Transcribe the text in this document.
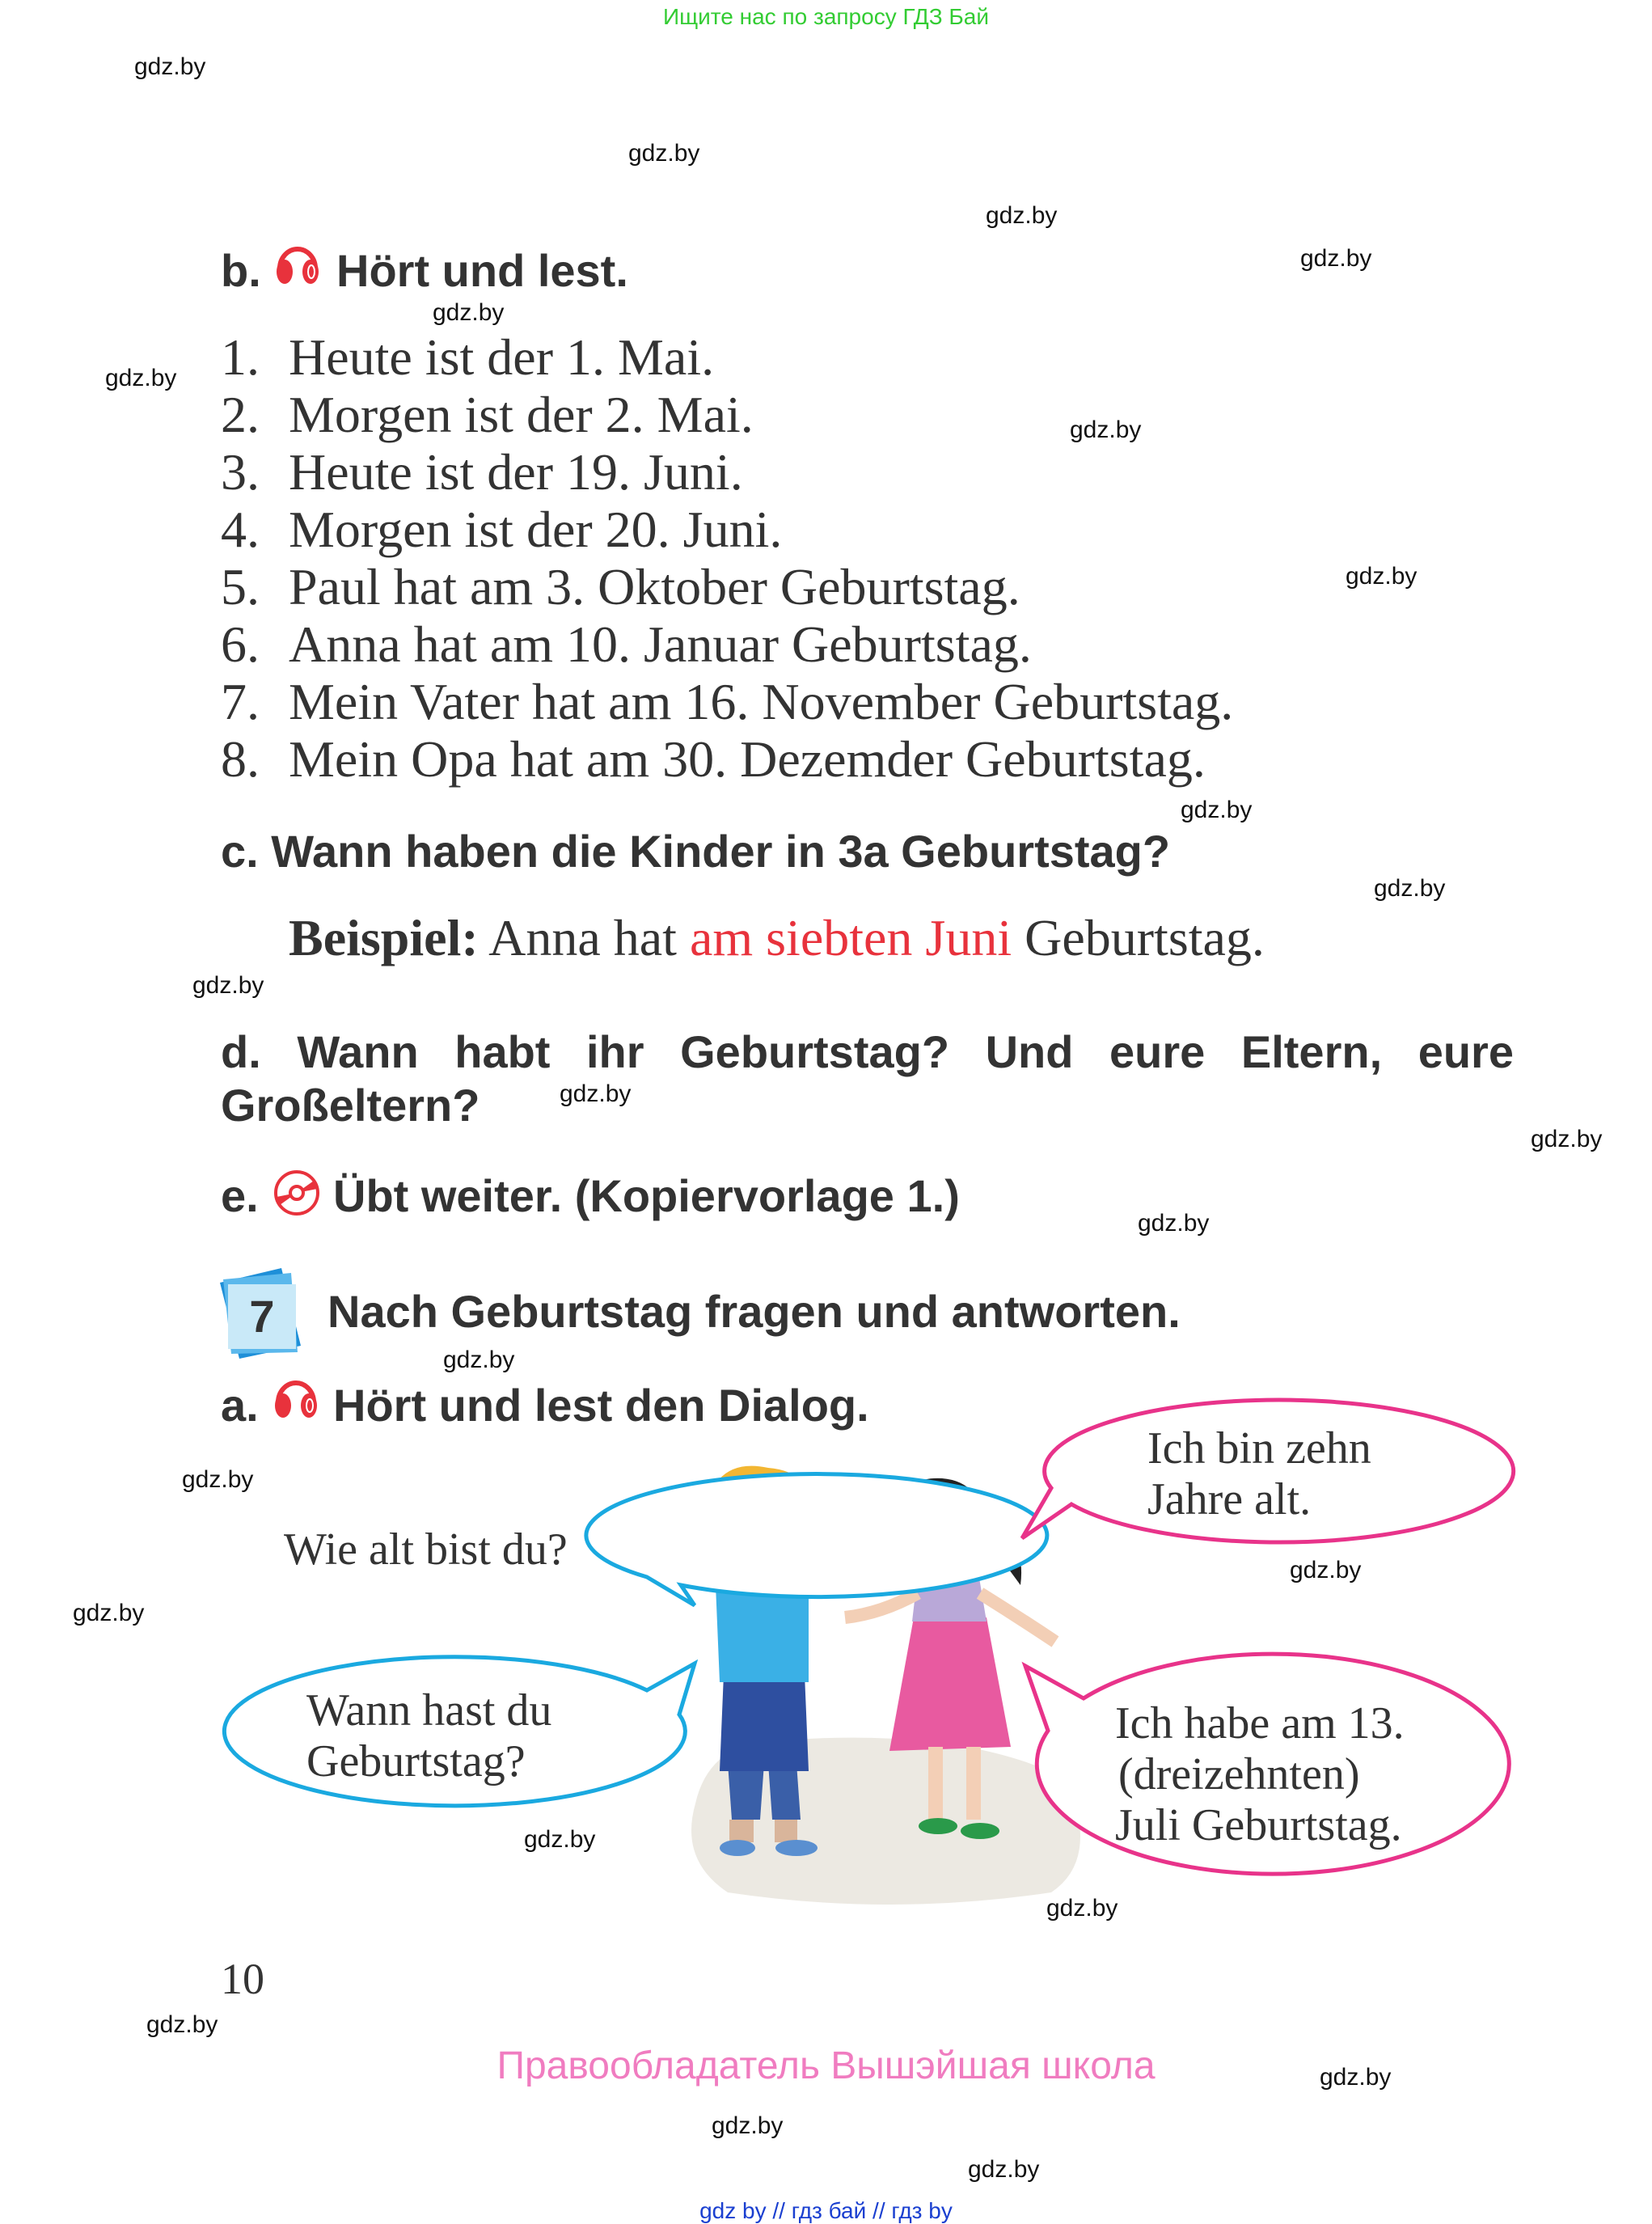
Ищите нас по запросу ГДЗ Бай
gdz.by
gdz.by
gdz.by
gdz.by
gdz.by
gdz.by
gdz.by
gdz.by
gdz.by
gdz.by
gdz.by
gdz.by
gdz.by
gdz.by
gdz.by
gdz.by
gdz.by
gdz.by
gdz.by
gdz.by
gdz.by
gdz.by
gdz.by
gdz.by
b. Hört und lest.
1. Heute ist der 1. Mai.
2. Morgen ist der 2. Mai.
3. Heute ist der 19. Juni.
4. Morgen ist der 20. Juni.
5. Paul hat am 3. Oktober Geburtstag.
6. Anna hat am 10. Januar Geburtstag.
7. Mein Vater hat am 16. November Geburtstag.
8. Mein Opa hat am 30. Dezemder Geburtstag.
c. Wann haben die Kinder in 3a Geburtstag?
Beispiel: Anna hat am siebten Juni Geburtstag.
d. Wann habt ihr Geburtstag? Und eure Eltern, eure Großeltern?
e. Übt weiter. (Kopiervorlage 1.)
7	Nach Geburtstag fragen und antworten.
a. Hört und lest den Dialog.
Wie alt bist du?
Wann hast du
Geburtstag?
Ich bin zehn
Jahre alt.
Ich habe am 13.
(dreizehnten)
Juli Geburtstag.
10
Правообладатель Вышэйшая школа
gdz by // гдз бай // гдз by
